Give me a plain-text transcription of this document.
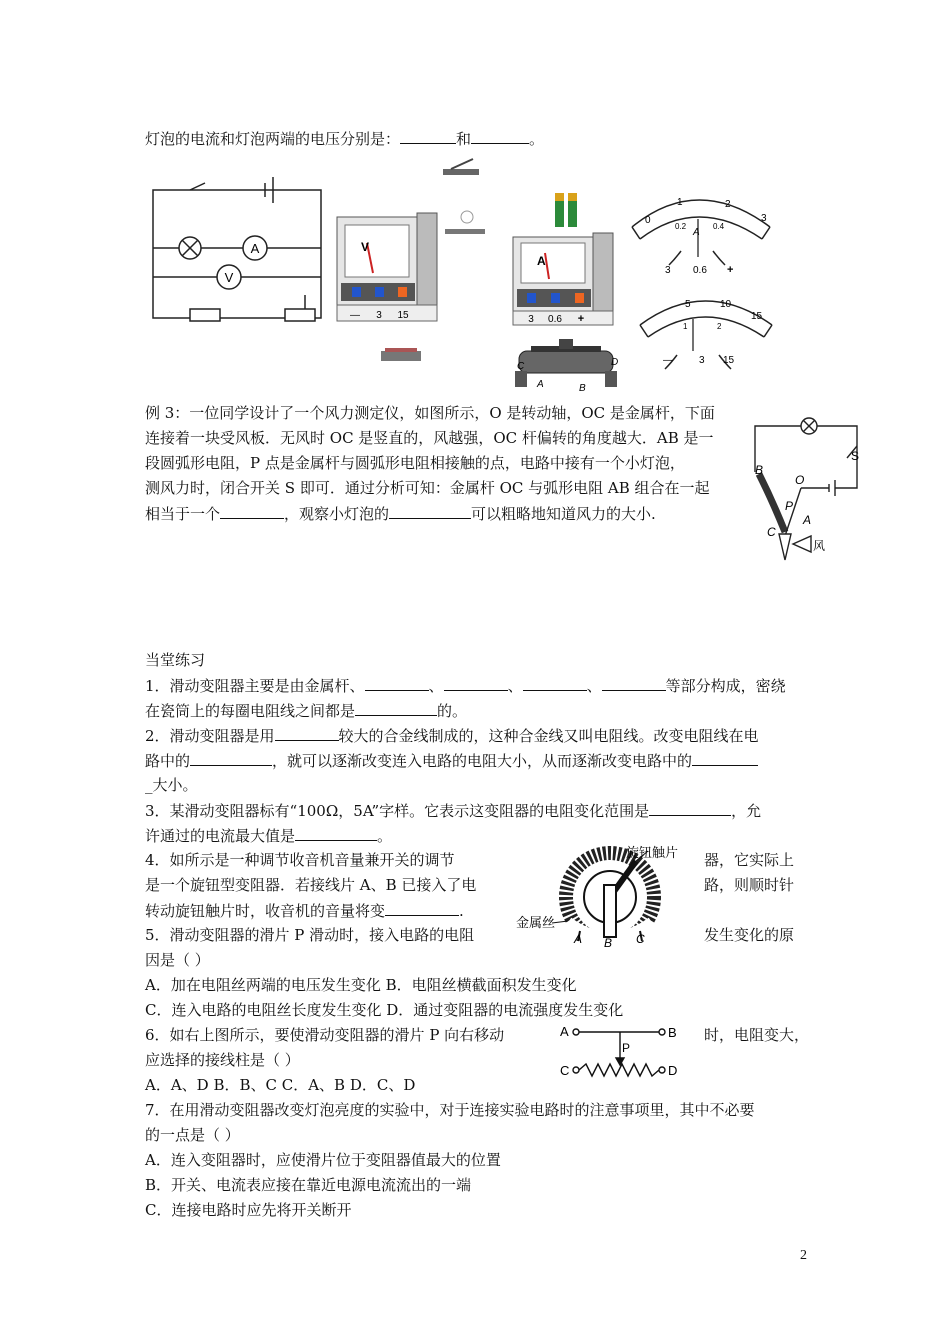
灯泡的电流和灯泡两端的电压分别是：	和	。
A
V
V
— 3 15
A
3 0.6 +
C
A	B
D
0
1	2
3
0.2	0.4
A
3 0.6 +
5	10
15
1	2
—	3 15
例 3：一位同学设计了一个风力测定仪，如图所示，O 是转动轴，OC 是金属杆，下面
连接着一块受风板．无风时 OC 是竖直的，风越强，OC 杆偏转的角度越大．AB 是一
段圆弧形电阻，P 点是金属杆与圆弧形电阻相接触的点，电路中接有一个小灯泡，
测风力时，闭合开关 S 即可．通过分析可知：金属杆 OC 与弧形电阻 AB 组合在一起
相当于一个	，观察小灯泡的	可以粗略地知道风力的大小.
S
B
O
P
A
C
风
当堂练习
1．滑动变阻器主要是由金属杆、	、	、	、	等部分构成，密绕
在瓷筒上的每圈电阻线之间都是	的。
2．滑动变阻器是用	较大的合金线制成的，这种合金线又叫电阻线。改变电阻线在电
路中的	，就可以逐渐改变连入电路的电阻大小，从而逐渐改变电路中的
_大小。
3．某滑动变阻器标有“100Ω，5A”字样。它表示这变阻器的电阻变化范围是	，允
许通过的电流最大值是	。
4．如所示是一种调节收音机音量兼开关的调节	器，它实际上
是一个旋钮型变阻器．若接线片 A、B 已接入了电	路，则顺时针
转动旋钮触片时，收音机的音量将变	.
5．滑动变阻器的滑片 P 滑动时，接入电路的电阻	发生变化的原
因是（ ）
A．加在电阻丝两端的电压发生变化 B．电阻丝横截面积发生变化
C．连入电路的电阻丝长度发生变化 D．通过变阻器的电流强度发生变化
旋钮触片
金属丝
A B C
6．如右上图所示，要使滑动变阻器的滑片 P 向右移动	时，电阻变大，
应选择的接线柱是（ ）
A．A、D B．B、C C．A、B D．C、D
A	B
C	D
P
7．在用滑动变阻器改变灯泡亮度的实验中，对于连接实验电路时的注意事项里，其中不必要
的一点是（ ）
A．连入变阻器时，应使滑片位于变阻器值最大的位置
B．开关、电流表应接在靠近电源电流流出的一端
C．连接电路时应先将开关断开
2
